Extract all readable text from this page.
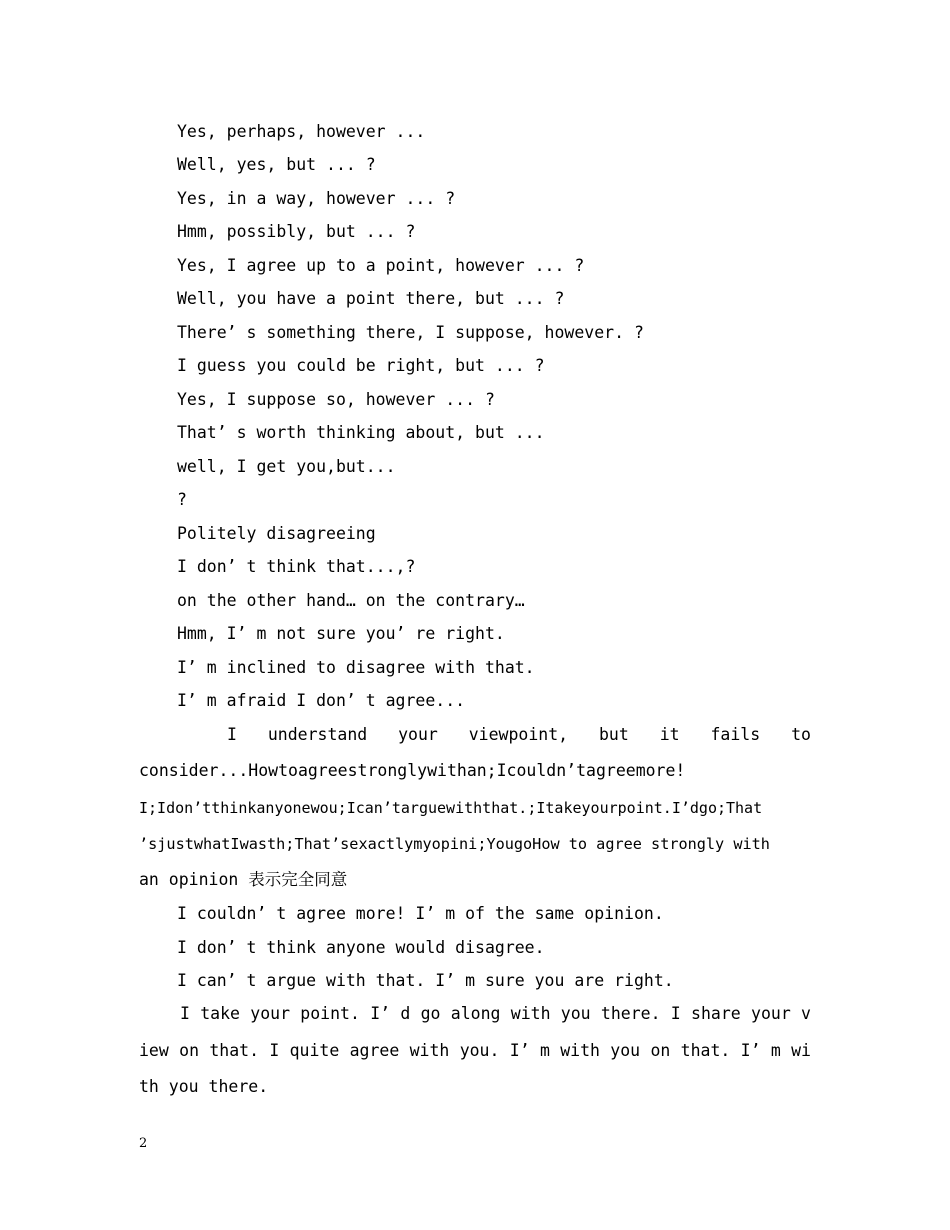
Yes, perhaps, however ...
Well, yes, but ... ?
Yes, in a way, however ... ?
Hmm, possibly, but ... ?
Yes, I agree up to a point, however ... ?
Well, you have a point there, but ... ?
There’ s something there, I suppose, however. ?
I guess you could be right, but ... ?
Yes, I suppose so, however ... ?
That’ s worth thinking about, but ...
well, I get you,but...
?
Politely disagreeing
I don’ t think that...,?
on the other hand… on the contrary…
Hmm, I’ m not sure you’ re right.
I’ m inclined to disagree with that.
I’ m afraid I don’ t agree...
I understand your viewpoint, but it fails to
consider...Howtoagreestronglywithan;Icouldn’tagreemore!
I;Idon’tthinkanyonewou;Ican’targuewiththat.;Itakeyourpoint.I’dgo;That
’sjustwhatIwasth;That’sexactlymyopini;YougoHow to agree strongly with
an opinion 表示完全同意
I couldn’ t agree more! I’ m of the same opinion.
I don’ t think anyone would disagree.
I can’ t argue with that. I’ m sure you are right.
I take your point. I’ d go along with you there. I share your view on that. I quite agree with you. I’ m with you on that. I’ m with you there.
2
